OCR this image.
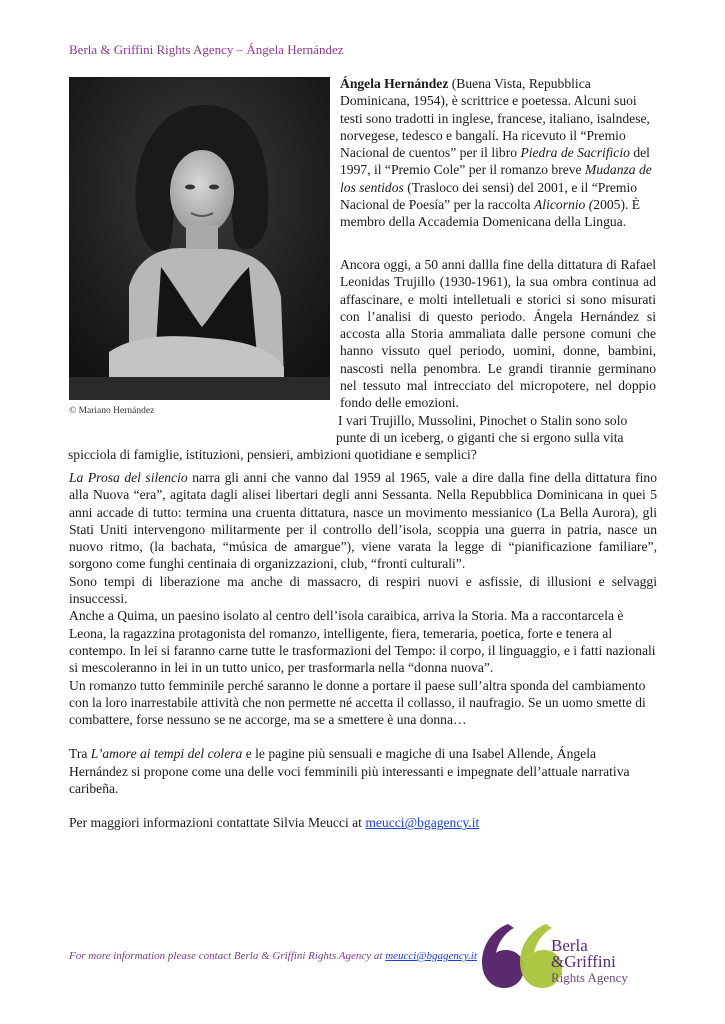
Berla & Griffini Rights Agency – Ángela Hernández
© Mariano Hernández
Ángela Hernández (Buena Vista, Repubblica Dominicana, 1954), è scrittrice e poetessa. Alcuni suoi testi sono tradotti in inglese, francese, italiano, isalndese, norvegese, tedesco e bangalí. Ha ricevuto il “Premio Nacional de cuentos” per il libro Piedra de Sacrificio del 1997, il “Premio Cole” per il romanzo breve Mudanza de los sentidos (Trasloco dei sensi) del 2001, e il “Premio Nacional de Poesía” per la raccolta Alicornio (2005). È membro della Accademia Domenicana della Lingua.
Ancora oggi, a 50 anni dallla fine della dittatura di Rafael Leonidas Trujillo (1930-1961), la sua ombra continua ad affascinare, e molti intelletuali e storici si sono misurati con l’analisi di questo periodo. Ángela Hernández si accosta alla Storia ammaliata dalle persone comuni che hanno vissuto quel periodo, uomini, donne, bambini, nascosti nella penombra. Le grandi tirannie germinano nel tessuto mal intrecciato del micropotere, nel doppio fondo delle emozioni.
I vari Trujillo, Mussolini, Pinochet o Stalin sono solo
punte di un iceberg, o giganti che si ergono sulla vita
spicciola di famiglie, istituzioni, pensieri, ambizioni quotidiane e semplici?

La Prosa del silencio narra gli anni che vanno dal 1959 al 1965, vale a dire dalla fine della dittatura fino alla Nuova “era”, agitata dagli alisei libertari degli anni Sessanta. Nella Repubblica Dominicana in quei 5 anni accade di tutto: termina una cruenta dittatura, nasce un movimento messianico (La Bella Aurora), gli Stati Uniti intervengono militarmente per il controllo dell’isola, scoppia una guerra in patria, nasce un nuovo ritmo, (la bachata, “música de amargue”), viene varata la legge di “pianificazione familiare”, sorgono come funghi centinaia di organizzazioni, club, “fronti culturali”.

Sono tempi di liberazione ma anche di massacro, di respiri nuovi e asfissie, di illusioni e selvaggi insuccessi.

Anche a Quima, un paesino isolato al centro dell’isola caraibica, arriva la Storia. Ma a raccontarcela è Leona, la ragazzina protagonista del romanzo, intelligente, fiera, temeraria, poetica, forte e tenera al contempo. In lei si faranno carne tutte le trasformazioni del Tempo: il corpo, il linguaggio, e i fatti nazionali si mescoleranno in lei in un tutto unico, per trasformarla nella “donna nuova”.

Un romanzo tutto femminile perché saranno le donne a portare il paese sull’altra sponda del cambiamento con la loro inarrestabile attività che non permette né accetta il collasso, il naufragio. Se un uomo smette di combattere, forse nessuno se ne accorge, ma se a smettere è una donna…

Tra L’amore ai tempi del colera e le pagine più sensuali e magiche di una Isabel Allende, Ángela Hernández si propone come una delle voci femminili più interessanti e impegnate dell’attuale narrativa caribeña.

Per maggiori informazioni contattate Silvia Meucci at meucci@bgagency.it

For more information please contact Berla & Griffini Rights Agency at meucci@bgagency.it
Berla
&Griffini
Rights Agency
